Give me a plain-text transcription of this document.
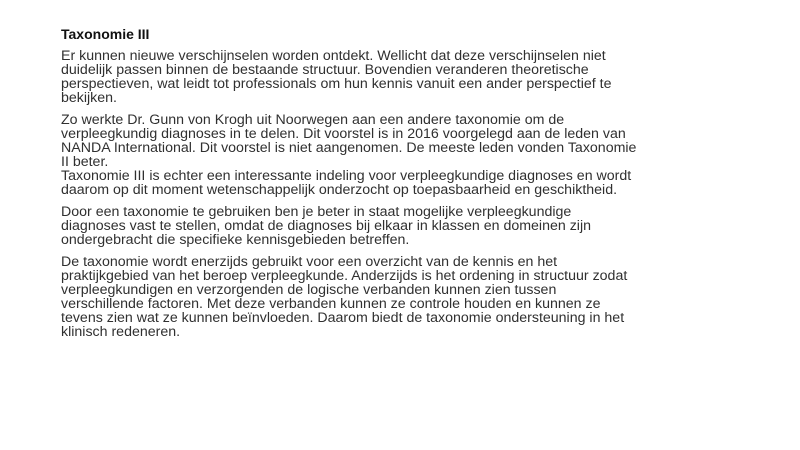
Taxonomie III

Er kunnen nieuwe verschijnselen worden ontdekt. Wellicht dat deze verschijnselen niet
duidelijk passen binnen de bestaande structuur. Bovendien veranderen theoretische
perspectieven, wat leidt tot professionals om hun kennis vanuit een ander perspectief te
bekijken.

Zo werkte Dr. Gunn von Krogh uit Noorwegen aan een andere taxonomie om de
verpleegkundig diagnoses in te delen. Dit voorstel is in 2016 voorgelegd aan de leden van
NANDA International. Dit voorstel is niet aangenomen. De meeste leden vonden Taxonomie
II beter.
Taxonomie III is echter een interessante indeling voor verpleegkundige diagnoses en wordt
daarom op dit moment wetenschappelijk onderzocht op toepasbaarheid en geschiktheid.

Door een taxonomie te gebruiken ben je beter in staat mogelijke verpleegkundige
diagnoses vast te stellen, omdat de diagnoses bij elkaar in klassen en domeinen zijn
ondergebracht die specifieke kennisgebieden betreffen.

De taxonomie wordt enerzijds gebruikt voor een overzicht van de kennis en het
praktijkgebied van het beroep verpleegkunde. Anderzijds is het ordening in structuur zodat
verpleegkundigen en verzorgenden de logische verbanden kunnen zien tussen
verschillende factoren. Met deze verbanden kunnen ze controle houden en kunnen ze
tevens zien wat ze kunnen beïnvloeden. Daarom biedt de taxonomie ondersteuning in het
klinisch redeneren.
